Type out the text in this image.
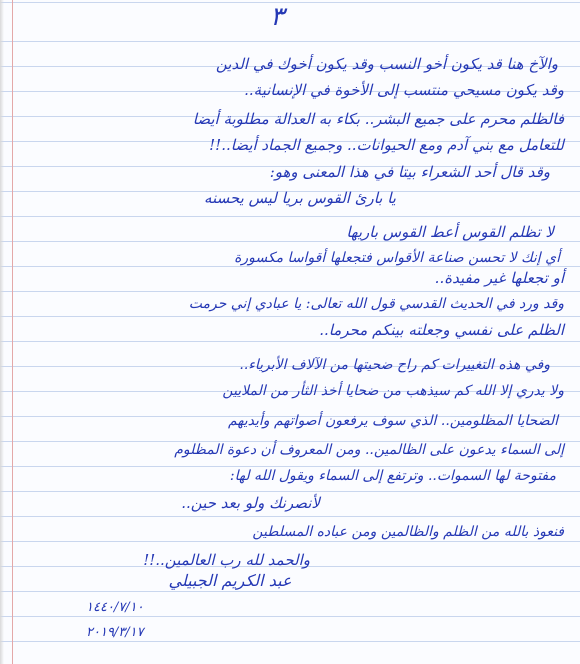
٣
والآخ هنا قد يكون أخو النسب وقد يكون أخوك في الدين
وقد يكون مسيحي منتسب إلى الأخوة في الإنسانية..
فالظلم محرم على جميع البشر.. بكاء به العدالة مطلوبة أيضا
للتعامل مع بني آدم ومع الحيوانات.. وجميع الجماد أيضا..!!
وقد قال أحد الشعراء بيتا في هذا المعنى وهو:
يا بارئ القوس بريا ليس يحسنه
لا تظلم القوس أعط القوس باريها
أي إنك لا تحسن صناعة الأقواس فتجعلها أقواسا مكسورة
أو تجعلها غير مفيدة..
وقد ورد في الحديث القدسي قول الله تعالى: يا عبادي إني حرمت
الظلم على نفسي وجعلته بينكم محرما..
وفي هذه التغييرات كم راح ضحيتها من الآلاف الأبرياء..
ولا يدري إلا الله كم سيذهب من ضحايا أخذ الثأر من الملايين
الضحايا المظلومين.. الذي سوف يرفعون أصواتهم وأيديهم
إلى السماء يدعون على الظالمين.. ومن المعروف أن دعوة المظلوم
مفتوحة لها السموات.. وترتفع إلى السماء ويقول الله لها:
لأنصرنك ولو بعد حين..
فنعوذ بالله من الظلم والظالمين ومن عباده المسلطين
والحمد لله رب العالمين..!!
عبد الكريم الجبيلي
١٤٤٠/٧/١٠
٢٠١٩/٣/١٧
